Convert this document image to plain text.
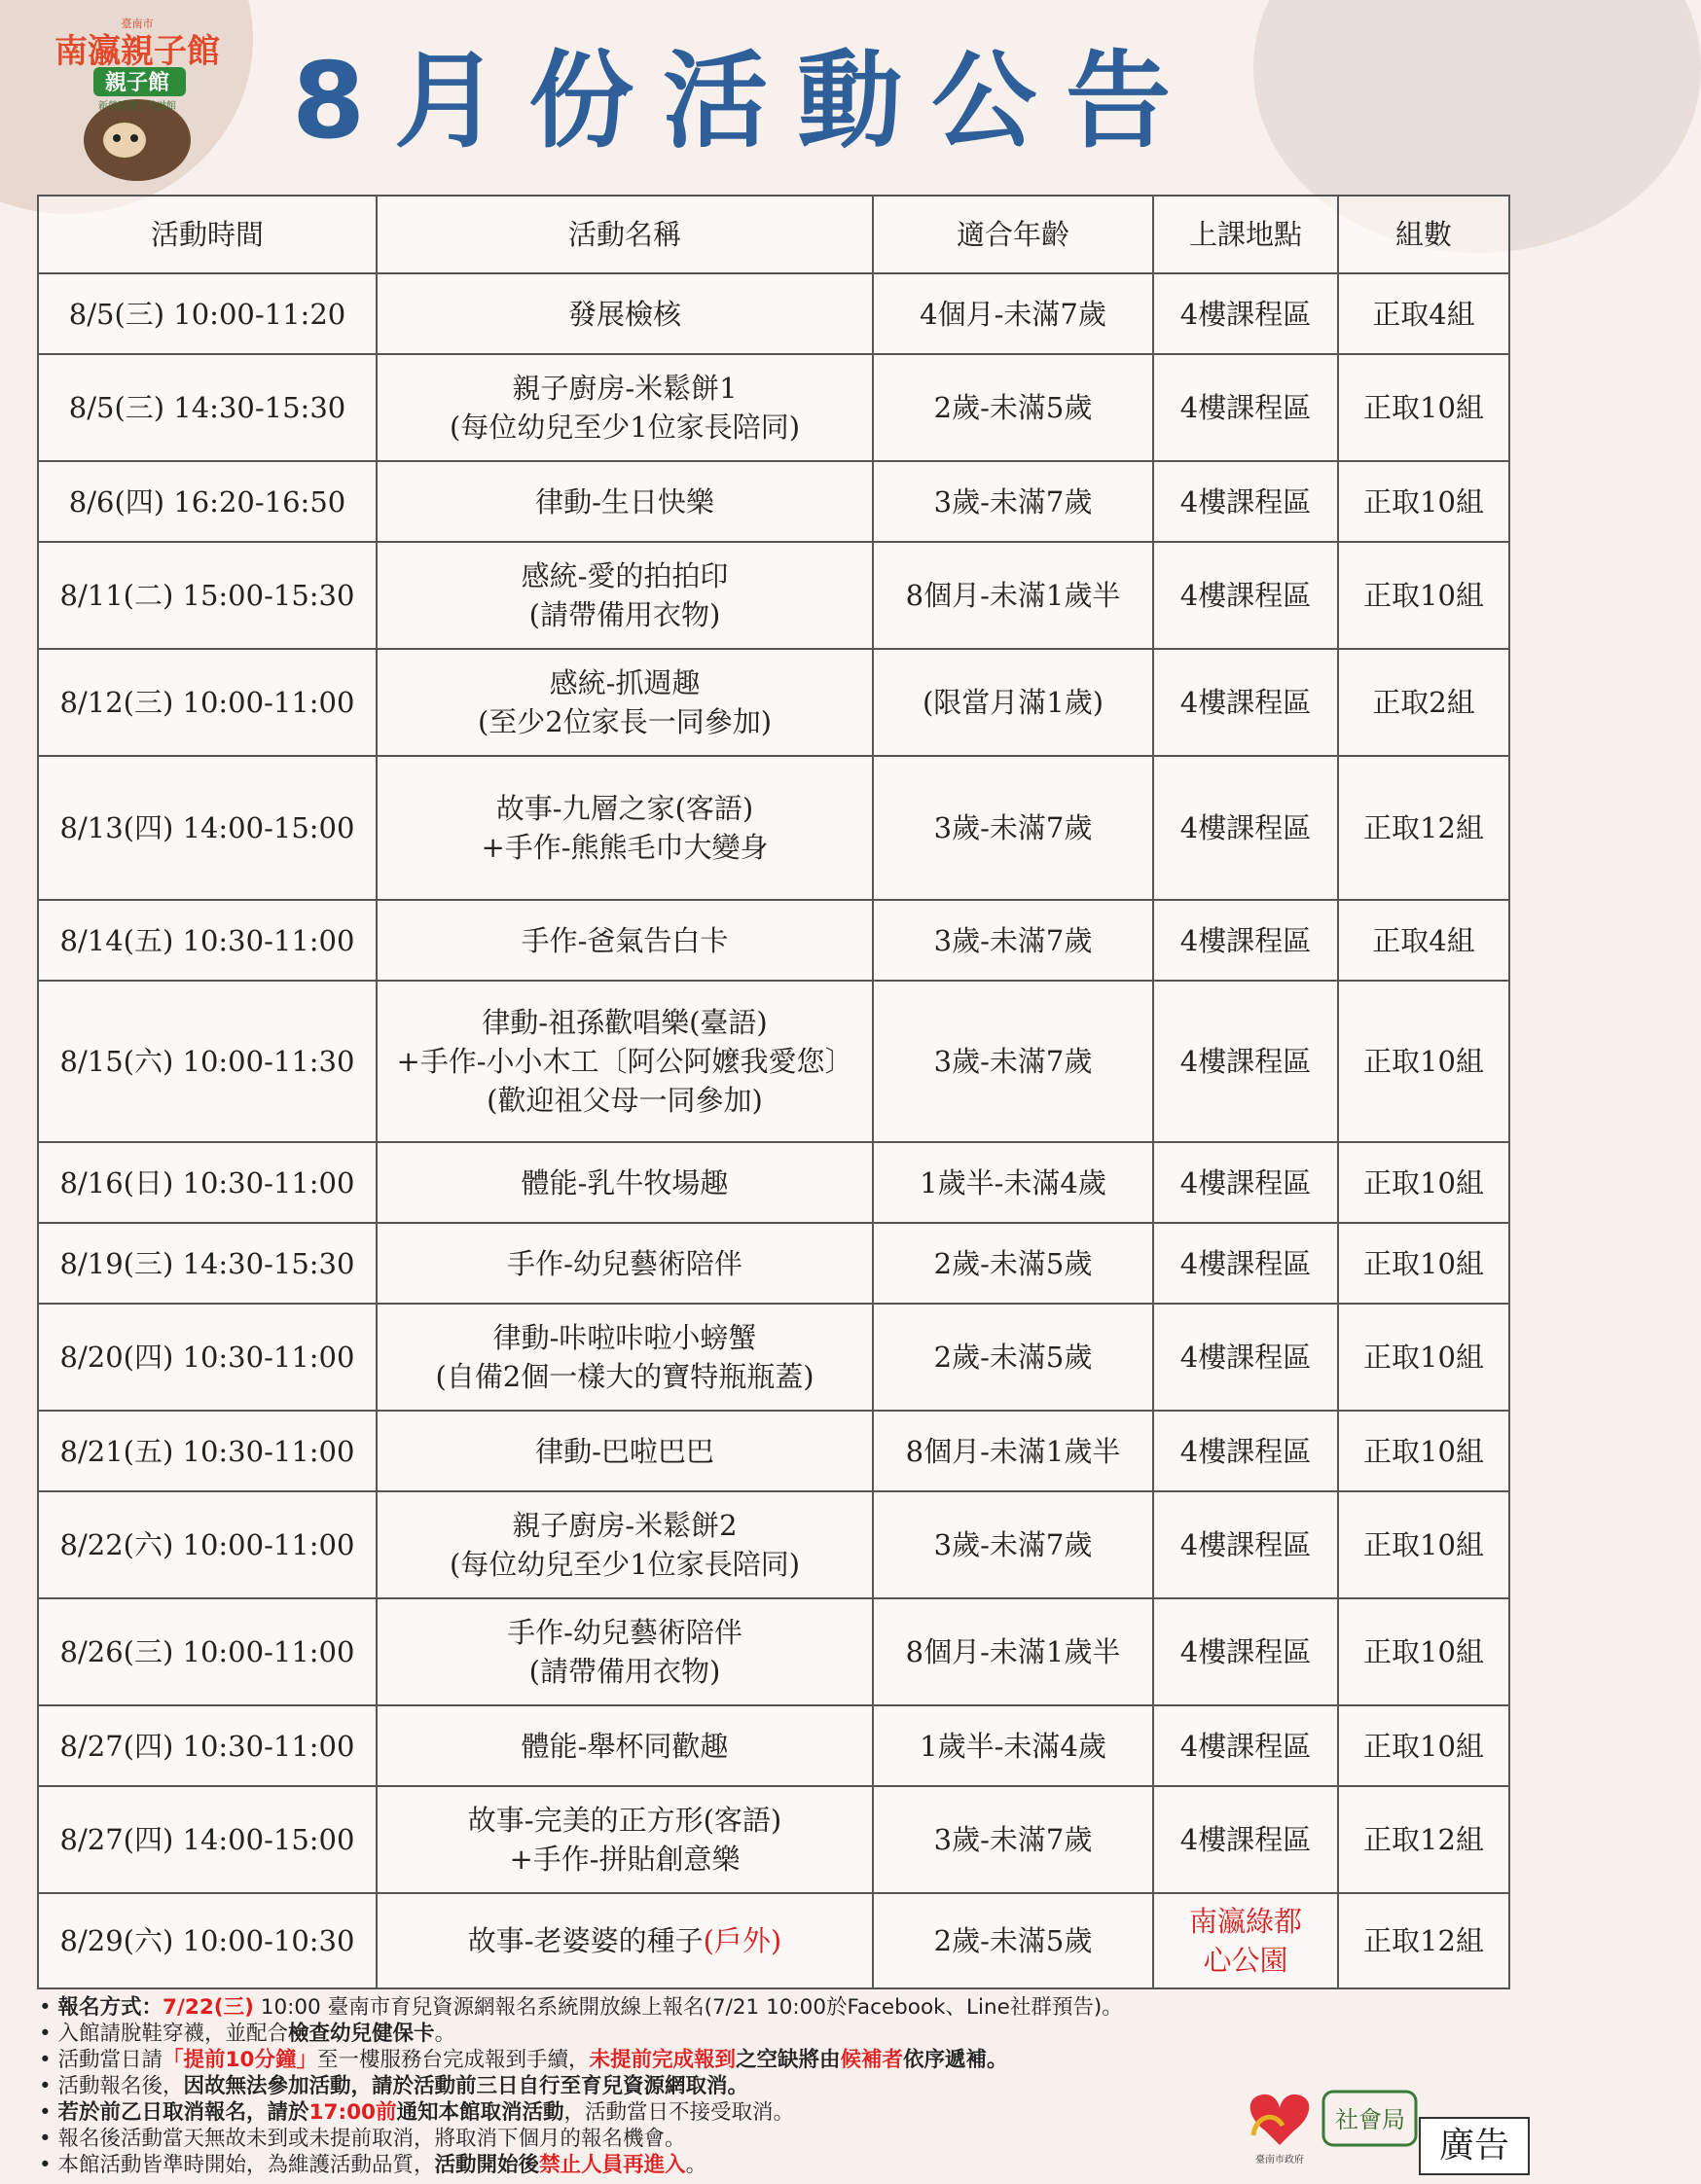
南瀛親子館
親子館
新營區親子共融館
臺南市
8月份活動公告
活動時間	活動名稱	適合年齡	上課地點	組數
8/5(三) 10:00-11:20	發展檢核	4個月-未滿7歲	4樓課程區	正取4組
8/5(三) 14:30-15:30	親子廚房-米鬆餅1
(每位幼兒至少1位家長陪同)	2歲-未滿5歲	4樓課程區	正取10組
8/6(四) 16:20-16:50	律動-生日快樂	3歲-未滿7歲	4樓課程區	正取10組
8/11(二) 15:00-15:30	感統-愛的拍拍印
(請帶備用衣物)	8個月-未滿1歲半	4樓課程區	正取10組
8/12(三) 10:00-11:00	感統-抓週趣
(至少2位家長一同參加)	(限當月滿1歲)	4樓課程區	正取2組
8/13(四) 14:00-15:00	故事-九層之家(客語)
+手作-熊熊毛巾大變身	3歲-未滿7歲	4樓課程區	正取12組
8/14(五) 10:30-11:00	手作-爸氣告白卡	3歲-未滿7歲	4樓課程區	正取4組
8/15(六) 10:00-11:30	律動-祖孫歡唱樂(臺語)
+手作-小小木工〔阿公阿嬤我愛您〕
(歡迎祖父母一同參加)	3歲-未滿7歲	4樓課程區	正取10組
8/16(日) 10:30-11:00	體能-乳牛牧場趣	1歲半-未滿4歲	4樓課程區	正取10組
8/19(三) 14:30-15:30	手作-幼兒藝術陪伴	2歲-未滿5歲	4樓課程區	正取10組
8/20(四) 10:30-11:00	律動-咔啦咔啦小螃蟹
(自備2個一樣大的寶特瓶瓶蓋)	2歲-未滿5歲	4樓課程區	正取10組
8/21(五) 10:30-11:00	律動-巴啦巴巴	8個月-未滿1歲半	4樓課程區	正取10組
8/22(六) 10:00-11:00	親子廚房-米鬆餅2
(每位幼兒至少1位家長陪同)	3歲-未滿7歲	4樓課程區	正取10組
8/26(三) 10:00-11:00	手作-幼兒藝術陪伴
(請帶備用衣物)	8個月-未滿1歲半	4樓課程區	正取10組
8/27(四) 10:30-11:00	體能-舉杯同歡趣	1歲半-未滿4歲	4樓課程區	正取10組
8/27(四) 14:00-15:00	故事-完美的正方形(客語)
+手作-拼貼創意樂	3歲-未滿7歲	4樓課程區	正取12組
8/29(六) 10:00-10:30	故事-老婆婆的種子(戶外)	2歲-未滿5歲	南瀛綠都
心公園	正取12組
• 報名方式：7/22(三) 10:00 臺南市育兒資源網報名系統開放線上報名(7/21 10:00於Facebook、Line社群預告)。
• 入館請脫鞋穿襪，並配合檢查幼兒健保卡。
• 活動當日請「提前10分鐘」至一樓服務台完成報到手續，未提前完成報到之空缺將由候補者依序遞補。
• 活動報名後，因故無法參加活動，請於活動前三日自行至育兒資源網取消。
• 若於前乙日取消報名，請於17:00前通知本館取消活動，活動當日不接受取消。
• 報名後活動當天無故未到或未提前取消，將取消下個月的報名機會。
• 本館活動皆準時開始，為維護活動品質，活動開始後禁止人員再進入。	臺南市政府
社會局
廣告
